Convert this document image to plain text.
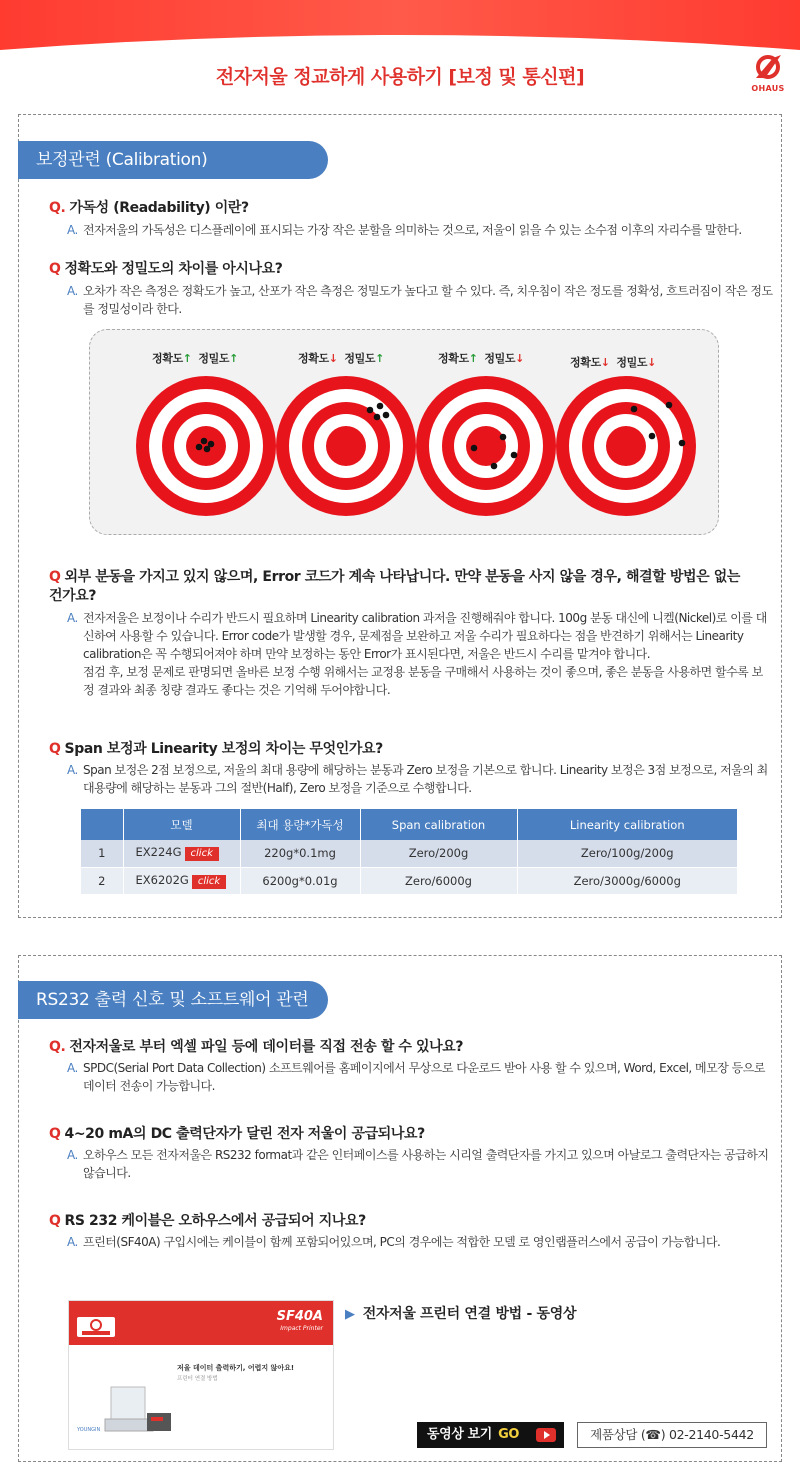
전자저울 정교하게 사용하기 [보정 및 통신편]
OHAUS
보정관련 (Calibration)
Q. 가독성 (Readability) 이란?
A. 전자저울의 가독성은 디스플레이에 표시되는 가장 작은 분할을 의미하는 것으로, 저울이 읽을 수 있는 소수점 이후의 자리수를 말한다.
Q 정확도와 정밀도의 차이를 아시나요?
A. 오차가 작은 측정은 정확도가 높고, 산포가 작은 측정은 정밀도가 높다고 할 수 있다. 즉, 치우침이 작은 정도를 정확성, 흐트러짐이 작은 정도를 정밀성이라 한다.
정확도↑ 정밀도↑	정확도↓ 정밀도↑	정확도↑ 정밀도↓	정확도↓ 정밀도↓
Q 외부 분동을 가지고 있지 않으며, Error 코드가 계속 나타납니다. 만약 분동을 사지 않을 경우, 해결할 방법은 없는 건가요?
A. 전자저울은 보정이나 수리가 반드시 필요하며 Linearity calibration 과저을 진행해줘야 합니다. 100g 분동 대신에 니켈(Nickel)로 이를 대신하여 사용할 수 있습니다. Error code가 발생할 경우, 문제점을 보완하고 저울 수리가 필요하다는 점을 반견하기 위해서는 Linearity calibration은 꼭 수행되어져야 하며 만약 보정하는 동안 Error가 표시된다면, 저울은 반드시 수리를 맡겨야 합니다.
점검 후, 보정 문제로 판명되면 올바른 보정 수행 위해서는 교정용 분동을 구매해서 사용하는 것이 좋으며, 좋은 분동을 사용하면 할수록 보정 결과와 최종 칭량 결과도 좋다는 것은 기억해 두어야합니다.
Q Span 보정과 Linearity 보정의 차이는 무엇인가요?
A. Span 보정은 2점 보정으로, 저울의 최대 용량에 해당하는 분동과 Zero 보정을 기본으로 합니다. Linearity 보정은 3점 보정으로, 저울의 최대용량에 해당하는 분동과 그의 절반(Half), Zero 보정을 기준으로 수행합니다.
	모델	최대 용량*가독성	Span calibration	Linearity calibration
1	EX224G click	220g*0.1mg	Zero/200g	Zero/100g/200g
2	EX6202G click	6200g*0.01g	Zero/6000g	Zero/3000g/6000g
RS232 출력 신호 및 소프트웨어 관련
Q. 전자저울로 부터 엑셀 파일 등에 데이터를 직접 전송 할 수 있나요?
A. SPDC(Serial Port Data Collection) 소프트웨어를 홈페이지에서 무상으로 다운로드 받아 사용 할 수 있으며, Word, Excel, 메모장 등으로 데이터 전송이 가능합니다.
Q 4~20 mA의 DC 출력단자가 달린 전자 저울이 공급되나요?
A. 오하우스 모든 전자저울은 RS232 format과 같은 인터페이스를 사용하는 시리얼 출력단자를 가지고 있으며 아날로그 출력단자는 공급하지 않습니다.
Q RS 232 케이블은 오하우스에서 공급되어 지나요?
A. 프린터(SF40A) 구입시에는 케이블이 함께 포함되어있으며, PC의 경우에는 적합한 모델 로 영인랩플러스에서 공급이 가능합니다.
SF40A
Impact Printer
저울 데이터 출력하기, 어렵지 않아요!
프린터 연결 방법
YOUNGIN
▶ 전자저울 프린터 연결 방법 - 동영상
동영상 보기 GO	제품상담 (☎) 02-2140-5442
